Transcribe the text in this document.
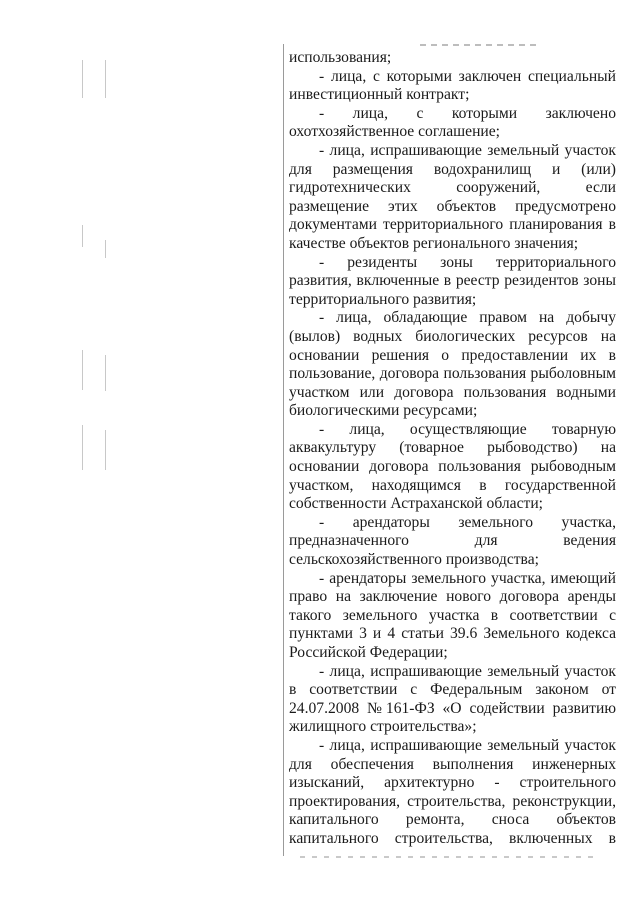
использования;

- лица, с которыми заключен специальный инвестиционный контракт;

- лица, с которыми заключено охотхозяйственное соглашение;

- лица, испрашивающие земельный участок для размещения водохранилищ и (или) гидротехнических сооружений, если размещение этих объектов предусмотрено документами территориального планирования в качестве объектов регионального значения;

- резиденты зоны территориального развития, включенные в реестр резидентов зоны территориального развития;

- лица, обладающие правом на добычу (вылов) водных биологических ресурсов на основании решения о предоставлении их в пользование, договора пользования рыболовным участком или договора пользования водными биологическими ресурсами;

- лица, осуществляющие товарную аквакультуру (товарное рыбоводство) на основании договора пользования рыбоводным участком, находящимся в государственной собственности Астраханской области;

- арендаторы земельного участка, предназначенного для ведения сельскохозяйственного производства;

- арендаторы земельного участка, имеющий право на заключение нового договора аренды такого земельного участка в соответствии с пунктами 3 и 4 статьи 39.6 Земельного кодекса Российской Федерации;

- лица, испрашивающие земельный участок в соответствии с Федеральным законом от 24.07.2008 №161-ФЗ «О содействии развитию жилищного строительства»;

- лица, испрашивающие земельный участок для обеспечения выполнения инженерных изысканий, архитектурно - строительного проектирования, строительства, реконструкции, капитального ремонта, сноса объектов капитального строительства, включенных в
